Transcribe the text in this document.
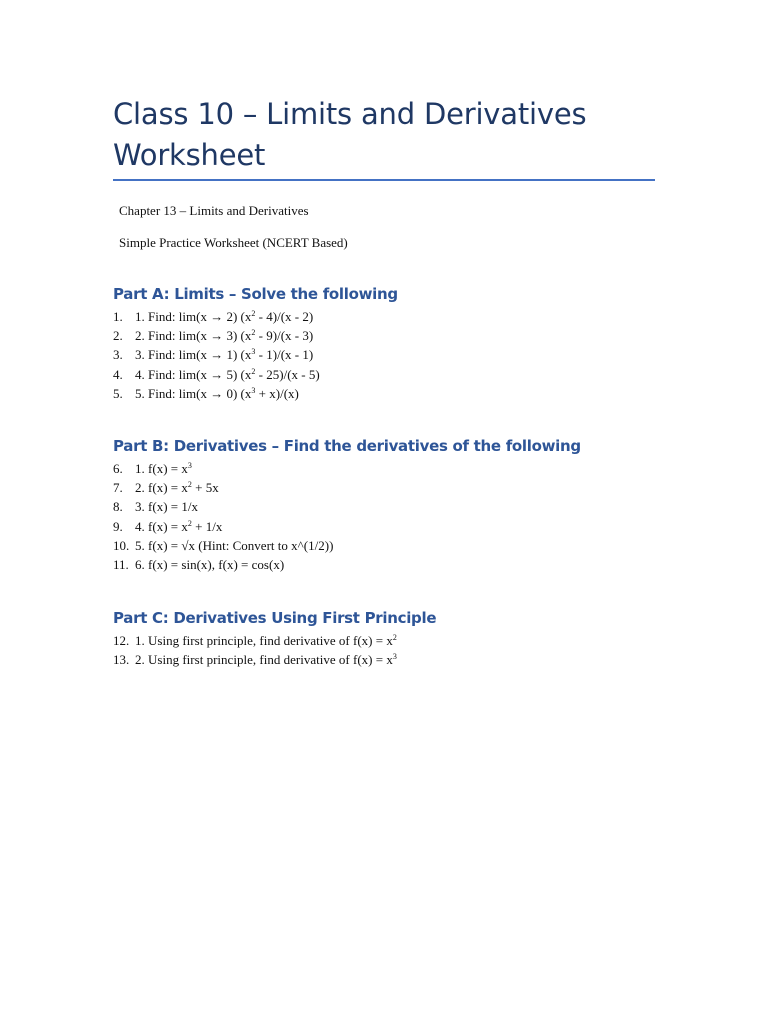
Class 10 – Limits and Derivatives
Worksheet
Chapter 13 – Limits and Derivatives
Simple Practice Worksheet (NCERT Based)
Part A: Limits – Solve the following
1. 1. Find: lim(x → 2) $(x^2 - 4)/(x - 2)$
2. 2. Find: lim(x → 3) $(x^2 - 9)/(x - 3)$
3. 3. Find: lim(x → 1) $(x^3 - 1)/(x - 1)$
4. 4. Find: lim(x → 5) $(x^2 - 25)/(x - 5)$
5. 5. Find: lim(x → 0) $(x^3 + x)/(x)$
Part B: Derivatives – Find the derivatives of the following
6. 1. $f(x) = x^3$
7. 2. $f(x) = x^2 + 5x$
8. 3. f(x) = 1/x
9. 4. $f(x) = x^2 + 1/x$
10. 5. f(x) = √x (Hint: Convert to x^(1/2))
11. 6. f(x) = sin(x), f(x) = cos(x)
Part C: Derivatives Using First Principle
12. 1. Using first principle, find derivative of $f(x) = x^2$
13. 2. Using first principle, find derivative of $f(x) = x^3$
